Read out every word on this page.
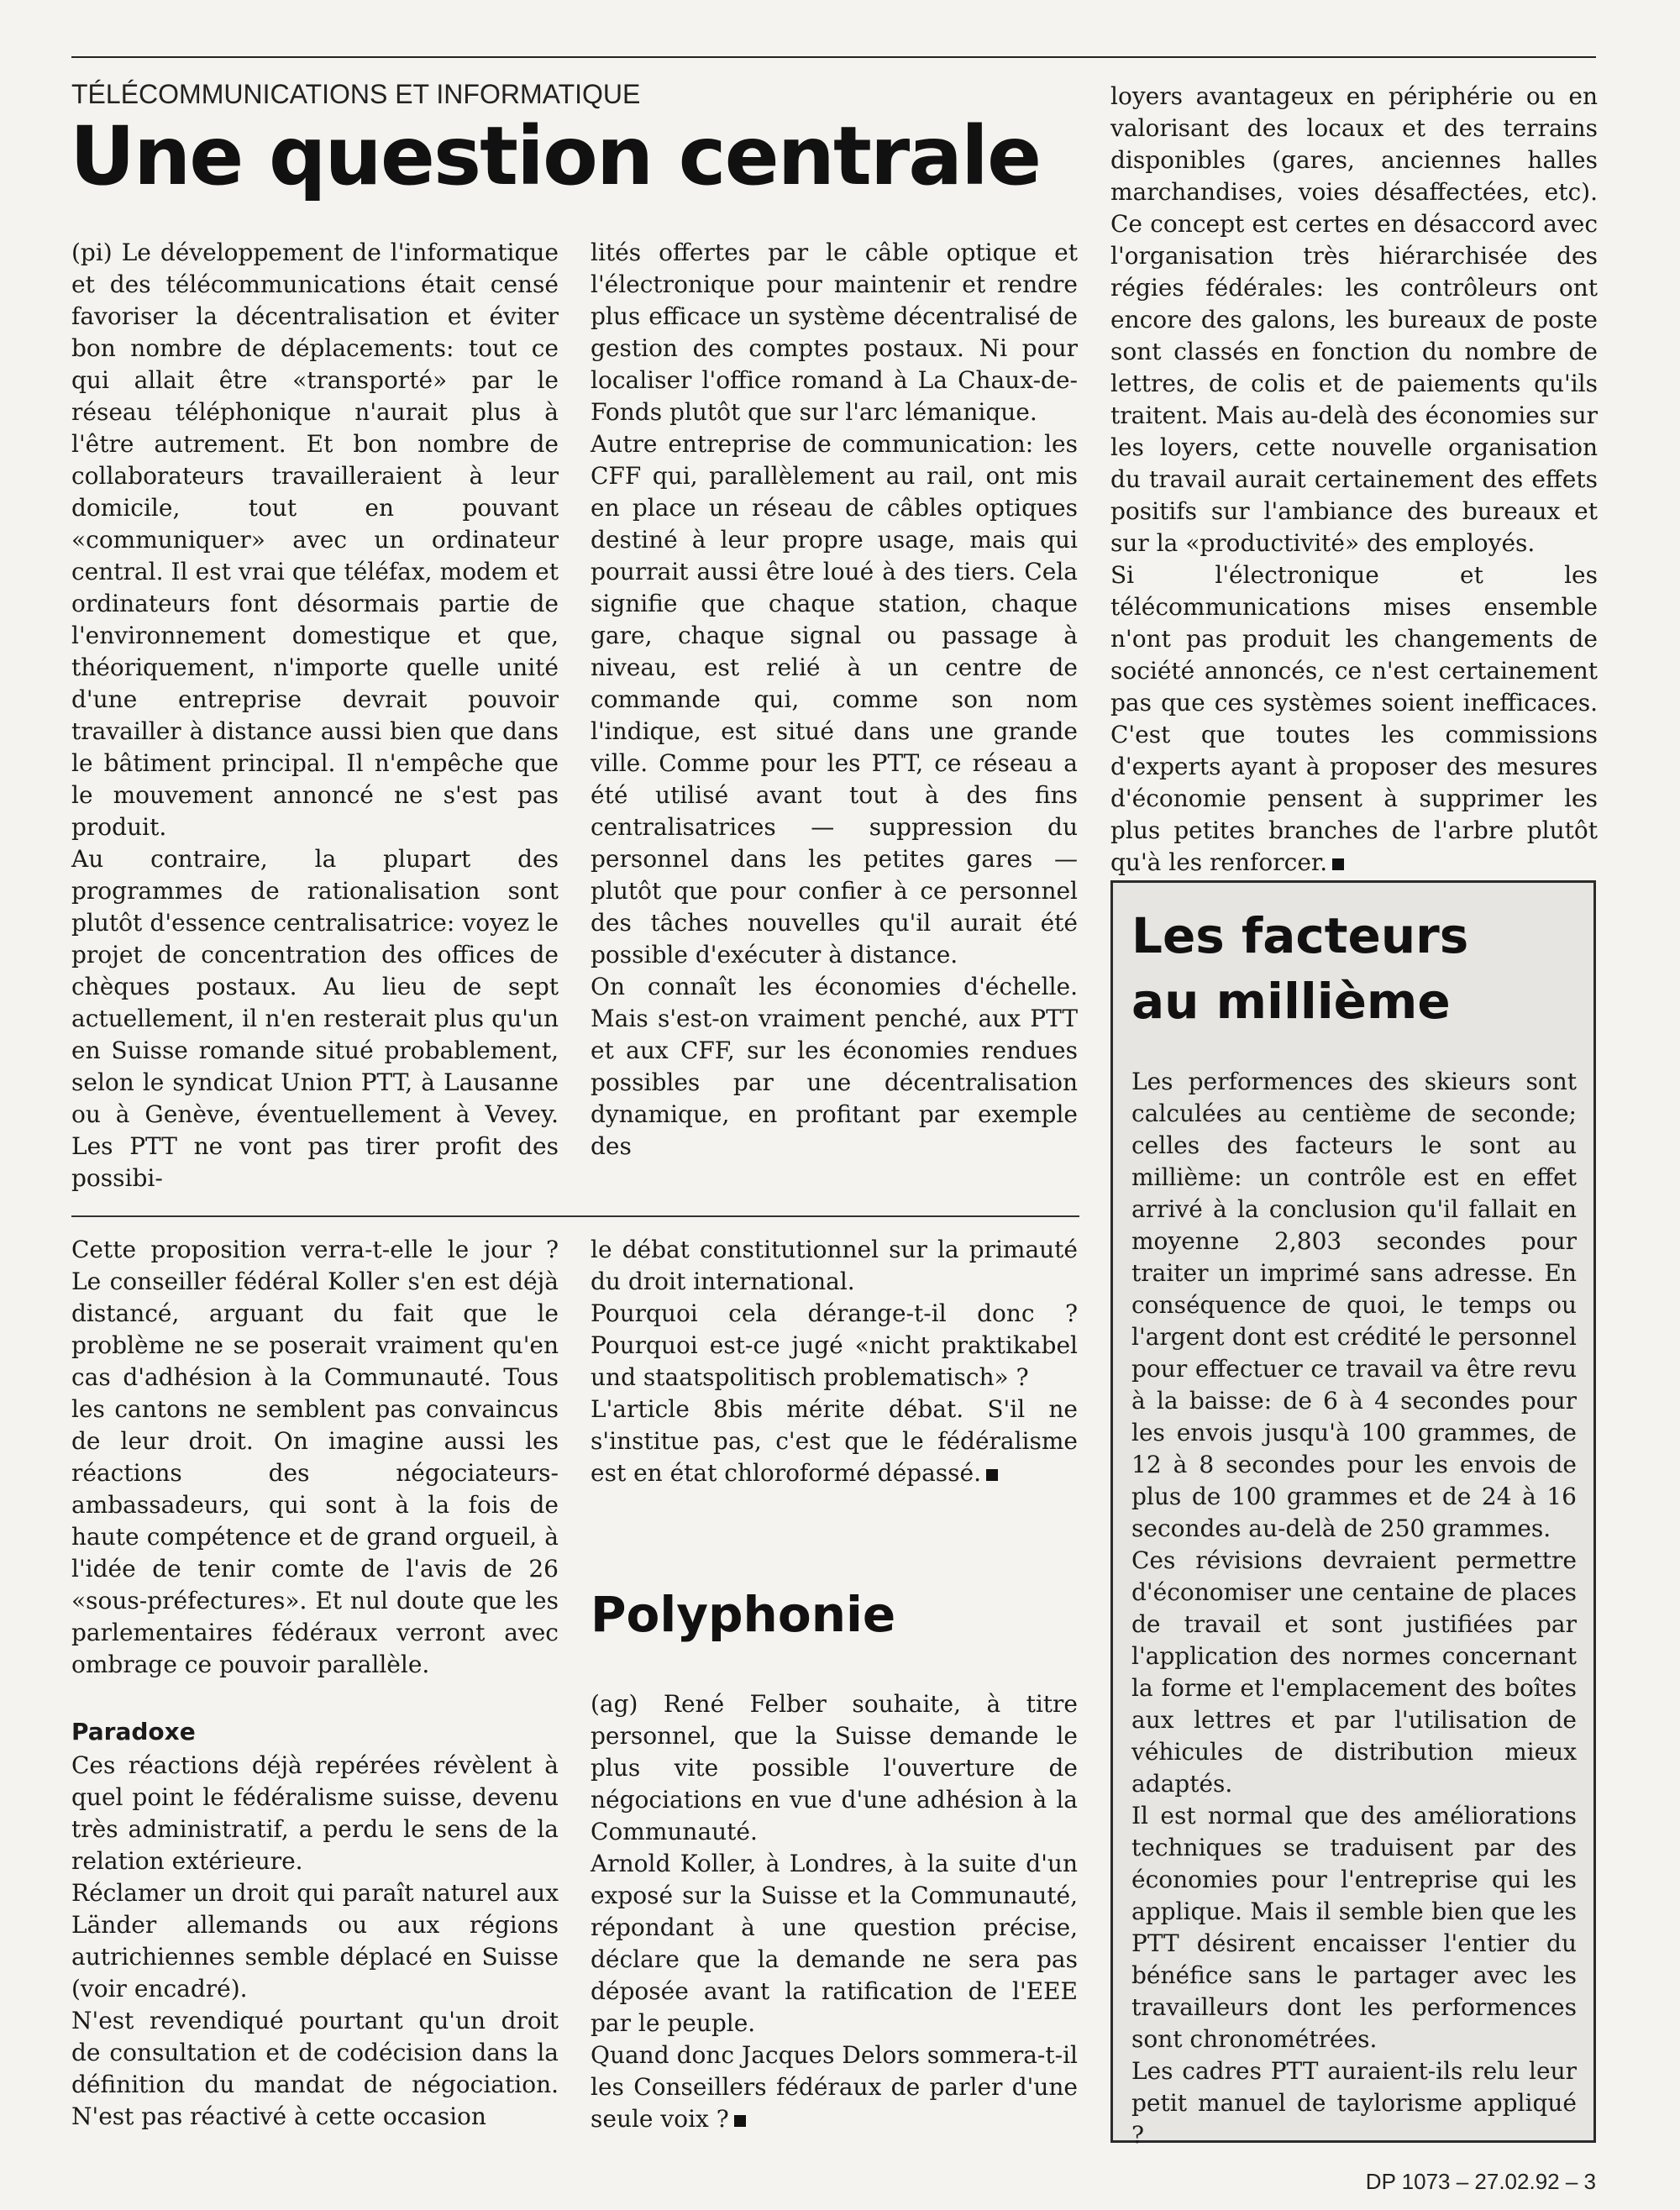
TÉLÉCOMMUNICATIONS ET INFORMATIQUE
Une question centrale

(pi) Le développement de l'informatique et des télécommunications était censé favoriser la décentralisation et éviter bon nombre de déplacements: tout ce qui allait être «transporté» par le réseau téléphonique n'aurait plus à l'être autrement. Et bon nombre de collaborateurs travailleraient à leur domicile, tout en pouvant «communiquer» avec un ordinateur central. Il est vrai que téléfax, modem et ordinateurs font désormais partie de l'environnement domestique et que, théoriquement, n'importe quelle unité d'une entreprise devrait pouvoir travailler à distance aussi bien que dans le bâtiment principal. Il n'empêche que le mouvement annoncé ne s'est pas produit.

Au contraire, la plupart des programmes de rationalisation sont plutôt d'essence centralisatrice: voyez le projet de concentration des offices de chèques postaux. Au lieu de sept actuellement, il n'en resterait plus qu'un en Suisse romande situé probablement, selon le syndicat Union PTT, à Lausanne ou à Genève, éventuellement à Vevey. Les PTT ne vont pas tirer profit des possibi-

lités offertes par le câble optique et l'électronique pour maintenir et rendre plus efficace un système décentralisé de gestion des comptes postaux. Ni pour localiser l'office romand à La Chaux-de-Fonds plutôt que sur l'arc lémanique.

Autre entreprise de communication: les CFF qui, parallèlement au rail, ont mis en place un réseau de câbles optiques destiné à leur propre usage, mais qui pourrait aussi être loué à des tiers. Cela signifie que chaque station, chaque gare, chaque signal ou passage à niveau, est relié à un centre de commande qui, comme son nom l'indique, est situé dans une grande ville. Comme pour les PTT, ce réseau a été utilisé avant tout à des fins centralisatrices — suppression du personnel dans les petites gares — plutôt que pour confier à ce personnel des tâches nouvelles qu'il aurait été possible d'exécuter à distance.

On connaît les économies d'échelle. Mais s'est-on vraiment penché, aux PTT et aux CFF, sur les économies rendues possibles par une décentralisation dynamique, en profitant par exemple des

loyers avantageux en périphérie ou en valorisant des locaux et des terrains disponibles (gares, anciennes halles marchandises, voies désaffectées, etc). Ce concept est certes en désaccord avec l'organisation très hiérarchisée des régies fédérales: les contrôleurs ont encore des galons, les bureaux de poste sont classés en fonction du nombre de lettres, de colis et de paiements qu'ils traitent. Mais au-delà des économies sur les loyers, cette nouvelle organisation du travail aurait certainement des effets positifs sur l'ambiance des bureaux et sur la «productivité» des employés.

Si l'électronique et les télécommunications mises ensemble n'ont pas produit les changements de société annoncés, ce n'est certainement pas que ces systèmes soient inefficaces. C'est que toutes les commissions d'experts ayant à proposer des mesures d'économie pensent à supprimer les plus petites branches de l'arbre plutôt qu'à les renforcer.

Les facteurs
au millième

Les performences des skieurs sont calculées au centième de seconde; celles des facteurs le sont au millième: un contrôle est en effet arrivé à la conclusion qu'il fallait en moyenne 2,803 secondes pour traiter un imprimé sans adresse. En conséquence de quoi, le temps ou l'argent dont est crédité le personnel pour effectuer ce travail va être revu à la baisse: de 6 à 4 secondes pour les envois jusqu'à 100 grammes, de 12 à 8 secondes pour les envois de plus de 100 grammes et de 24 à 16 secondes au-delà de 250 grammes.

Ces révisions devraient permettre d'économiser une centaine de places de travail et sont justifiées par l'application des normes concernant la forme et l'emplacement des boîtes aux lettres et par l'utilisation de véhicules de distribution mieux adaptés.

Il est normal que des améliorations techniques se traduisent par des économies pour l'entreprise qui les applique. Mais il semble bien que les PTT désirent encaisser l'entier du bénéfice sans le partager avec les travailleurs dont les performences sont chronométrées.

Les cadres PTT auraient-ils relu leur petit manuel de taylorisme appliqué ?

Cette proposition verra-t-elle le jour ? Le conseiller fédéral Koller s'en est déjà distancé, arguant du fait que le problème ne se poserait vraiment qu'en cas d'adhésion à la Communauté. Tous les cantons ne semblent pas convaincus de leur droit. On imagine aussi les réactions des négociateurs-ambassadeurs, qui sont à la fois de haute compétence et de grand orgueil, à l'idée de tenir comte de l'avis de 26 «sous-préfectures». Et nul doute que les parlementaires fédéraux verront avec ombrage ce pouvoir parallèle.

Paradoxe

Ces réactions déjà repérées révèlent à quel point le fédéralisme suisse, devenu très administratif, a perdu le sens de la relation extérieure.

Réclamer un droit qui paraît naturel aux Länder allemands ou aux régions autrichiennes semble déplacé en Suisse (voir encadré).

N'est revendiqué pourtant qu'un droit de consultation et de codécision dans la définition du mandat de négociation. N'est pas réactivé à cette occasion

le débat constitutionnel sur la primauté du droit international.

Pourquoi cela dérange-t-il donc ? Pourquoi est-ce jugé «nicht praktikabel und staatspolitisch problematisch» ?

L'article 8bis mérite débat. S'il ne s'institue pas, c'est que le fédéralisme est en état chloroformé dépassé.

Polyphonie

(ag) René Felber souhaite, à titre personnel, que la Suisse demande le plus vite possible l'ouverture de négociations en vue d'une adhésion à la Communauté.

Arnold Koller, à Londres, à la suite d'un exposé sur la Suisse et la Communauté, répondant à une question précise, déclare que la demande ne sera pas déposée avant la ratification de l'EEE par le peuple.

Quand donc Jacques Delors sommera-t-il les Conseillers fédéraux de parler d'une seule voix ?

DP 1073 – 27.02.92 – 3
